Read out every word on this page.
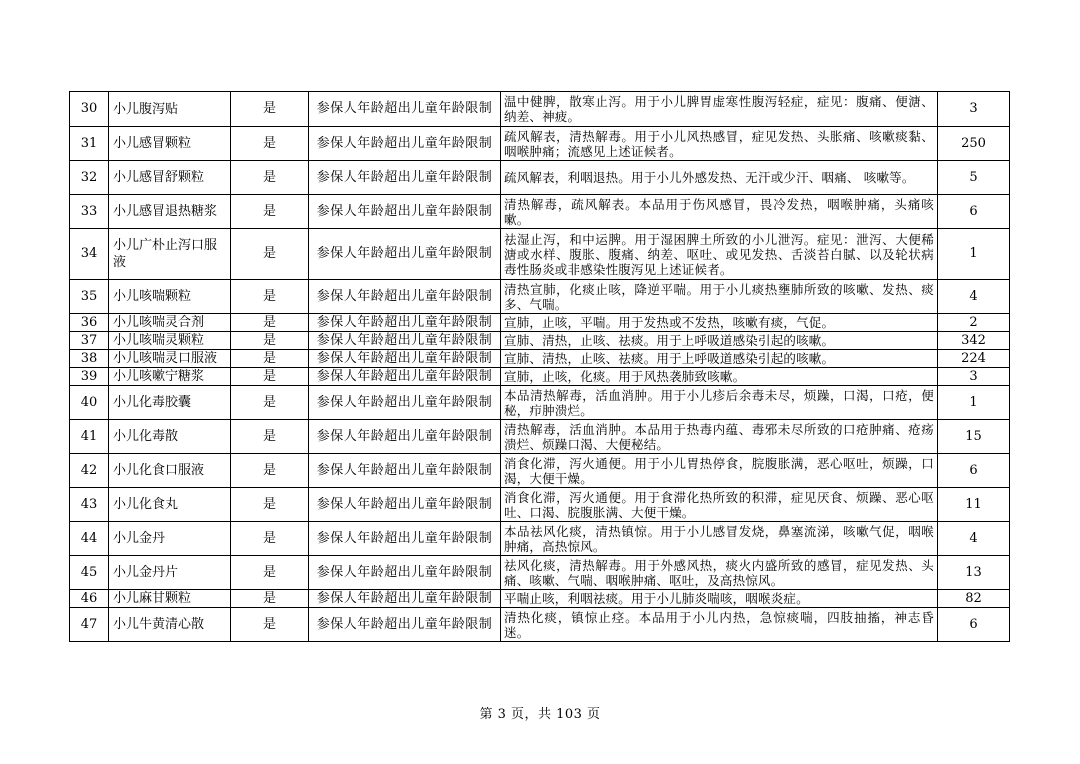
30	小儿腹泻贴	是	参保人年龄超出儿童年龄限制	温中健脾，散寒止泻。用于小儿脾胃虚寒性腹泻轻症，症见：腹痛、便溏、纳差、神疲。	3
31	小儿感冒颗粒	是	参保人年龄超出儿童年龄限制	疏风解表，清热解毒。用于小儿风热感冒，症见发热、头胀痛、咳嗽痰黏、咽喉肿痛；流感见上述证候者。	250
32	小儿感冒舒颗粒	是	参保人年龄超出儿童年龄限制	疏风解表，利咽退热。用于小儿外感发热、无汗或少汗、咽痛、 咳嗽等。	5
33	小儿感冒退热糖浆	是	参保人年龄超出儿童年龄限制	清热解毒，疏风解表。本品用于伤风感冒，畏冷发热，咽喉肿痛，头痛咳嗽。	6
34	小儿广朴止泻口服液	是	参保人年龄超出儿童年龄限制	祛湿止泻，和中运脾。用于湿困脾土所致的小儿泄泻。症见：泄泻、大便稀溏或水样、腹胀、腹痛、纳差、呕吐、或见发热、舌淡苔白腻、以及轮状病毒性肠炎或非感染性腹泻见上述证候者。	1
35	小儿咳喘颗粒	是	参保人年龄超出儿童年龄限制	清热宣肺，化痰止咳，降逆平喘。用于小儿痰热壅肺所致的咳嗽、发热、痰多、气喘。	4
36	小儿咳喘灵合剂	是	参保人年龄超出儿童年龄限制	宣肺，止咳，平喘。用于发热或不发热，咳嗽有痰，气促。	2
37	小儿咳喘灵颗粒	是	参保人年龄超出儿童年龄限制	宣肺、清热，止咳、祛痰。用于上呼吸道感染引起的咳嗽。	342
38	小儿咳喘灵口服液	是	参保人年龄超出儿童年龄限制	宣肺、清热，止咳、祛痰。用于上呼吸道感染引起的咳嗽。	224
39	小儿咳嗽宁糖浆	是	参保人年龄超出儿童年龄限制	宣肺，止咳，化痰。用于风热袭肺致咳嗽。	3
40	小儿化毒胶囊	是	参保人年龄超出儿童年龄限制	本品清热解毒，活血消肿。用于小儿疹后余毒未尽，烦躁，口渴，口疮，便秘，疖肿溃烂。	1
41	小儿化毒散	是	参保人年龄超出儿童年龄限制	清热解毒，活血消肿。本品用于热毒内蕴、毒邪未尽所致的口疮肿痛、疮疡溃烂、烦躁口渴、大便秘结。	15
42	小儿化食口服液	是	参保人年龄超出儿童年龄限制	消食化滞，泻火通便。用于小儿胃热停食，脘腹胀满，恶心呕吐，烦躁，口渴，大便干燥。	6
43	小儿化食丸	是	参保人年龄超出儿童年龄限制	消食化滞，泻火通便。用于食滞化热所致的积滞，症见厌食、烦躁、恶心呕吐、口渴、脘腹胀满、大便干燥。	11
44	小儿金丹	是	参保人年龄超出儿童年龄限制	本品祛风化痰，清热镇惊。用于小儿感冒发烧，鼻塞流涕，咳嗽气促，咽喉肿痛，高热惊风。	4
45	小儿金丹片	是	参保人年龄超出儿童年龄限制	祛风化痰，清热解毒。用于外感风热，痰火内盛所致的感冒，症见发热、头痛、咳嗽、气喘、咽喉肿痛、呕吐，及高热惊风。	13
46	小儿麻甘颗粒	是	参保人年龄超出儿童年龄限制	平喘止咳，利咽祛痰。用于小儿肺炎喘咳，咽喉炎症。	82
47	小儿牛黄清心散	是	参保人年龄超出儿童年龄限制	清热化痰，镇惊止痉。本品用于小儿内热，急惊痰喘，四肢抽搐，神志昏迷。	6
第 3 页，共 103 页
